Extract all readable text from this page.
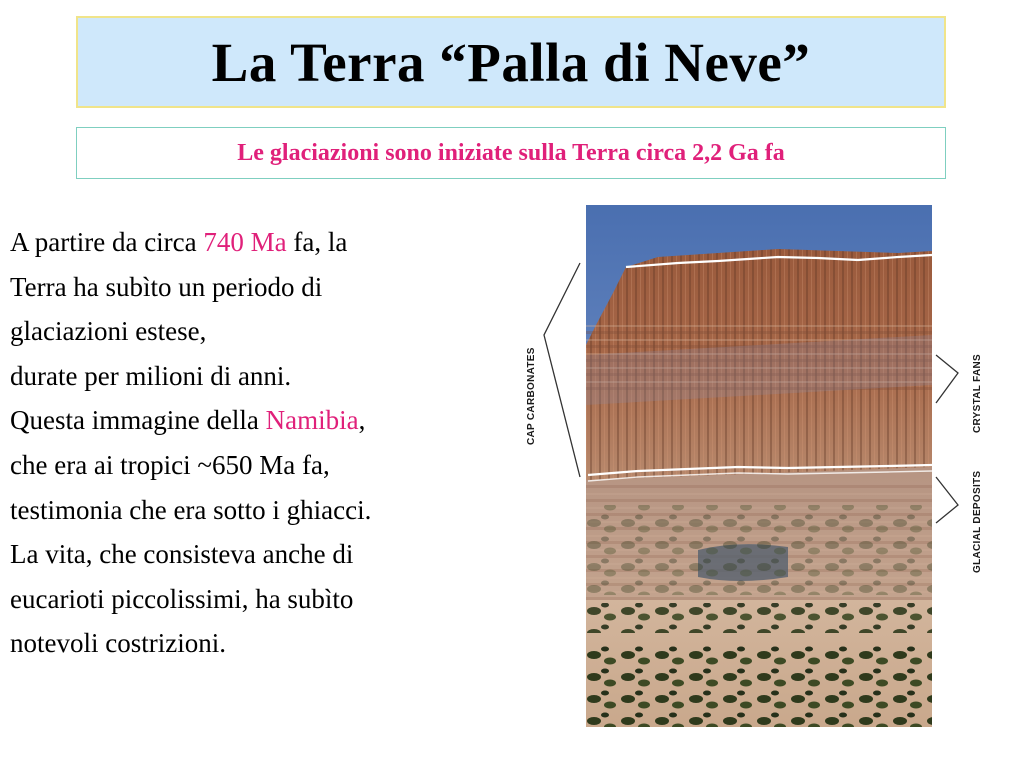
La Terra “Palla di Neve”
Le glaciazioni sono iniziate sulla Terra circa 2,2 Ga fa
A partire da circa 740 Ma fa, la
Terra ha subìto un periodo di
glaciazioni estese,
durate per milioni di anni.
Questa immagine della Namibia,
che era ai tropici ~650 Ma fa,
testimonia che era sotto i ghiacci.
La vita, che consisteva anche di
eucarioti piccolissimi, ha subìto
notevoli costrizioni.
CAP CARBONATES	CRYSTAL FANS
GLACIAL DEPOSITS
